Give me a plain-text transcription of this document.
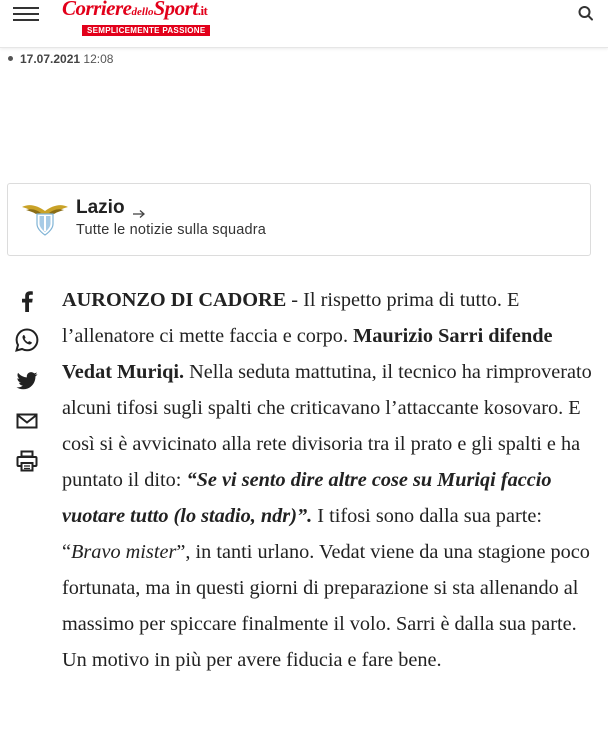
CorrieredelloSport.it
SEMPLICEMENTE PASSIONE
17.07.2021 12:08
Lazio
Tutte le notizie sulla squadra
AURONZO DI CADORE - Il rispetto prima di tutto. E l’allenatore ci mette faccia e corpo. Maurizio Sarri difende Vedat Muriqi. Nella seduta mattutina, il tecnico ha rimproverato alcuni tifosi sugli spalti che criticavano l’attaccante kosovaro. E così si è avvicinato alla rete divisoria tra il prato e gli spalti e ha puntato il dito: “Se vi sento dire altre cose su Muriqi faccio vuotare tutto (lo stadio, ndr)”. I tifosi sono dalla sua parte: “Bravo mister”, in tanti urlano. Vedat viene da una stagione poco fortunata, ma in questi giorni di preparazione si sta allenando al massimo per spiccare finalmente il volo. Sarri è dalla sua parte. Un motivo in più per avere fiducia e fare bene.
